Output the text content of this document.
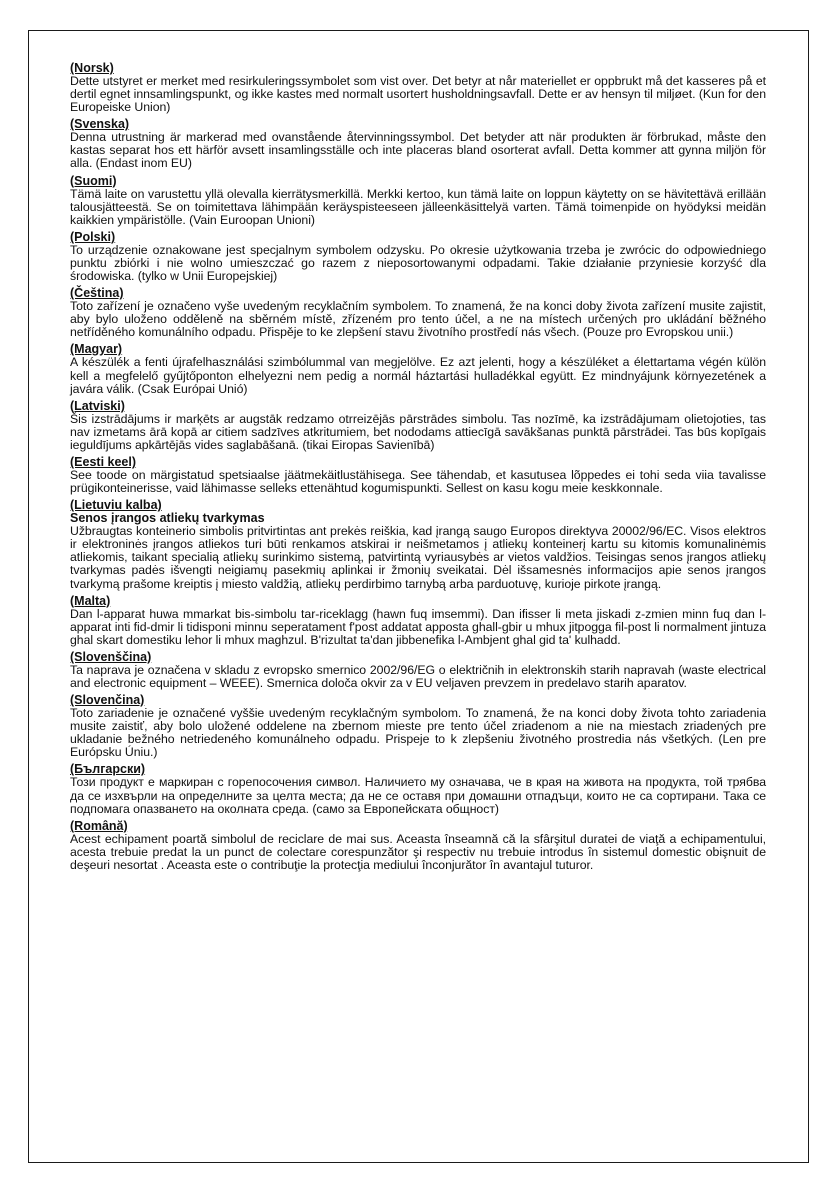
(Norsk)

Dette utstyret er merket med resirkuleringssymbolet som vist over. Det betyr at når materiellet er oppbrukt må det kasseres på et dertil egnet innsamlingspunkt, og ikke kastes med normalt usortert husholdningsavfall. Dette er av hensyn til miljøet. (Kun for den Europeiske Union)

(Svenska)

Denna utrustning är markerad med ovanstående återvinningssymbol. Det betyder att när produkten är förbrukad, måste den kastas separat hos ett härför avsett insamlingsställe och inte placeras bland osorterat avfall. Detta kommer att gynna miljön för alla. (Endast inom EU)

(Suomi)

Tämä laite on varustettu yllä olevalla kierrätysmerkillä. Merkki kertoo, kun tämä laite on loppun käytetty on se hävitettävä erillään talousjätteestä. Se on toimitettava lähimpään keräyspisteeseen jälleenkäsittelyä varten. Tämä toimenpide on hyödyksi meidän kaikkien ympäristölle. (Vain Euroopan Unioni)

(Polski)

To urządzenie oznakowane jest specjalnym symbolem odzysku. Po okresie użytkowania trzeba je zwrócic do odpowiedniego punktu zbiórki i nie wolno umieszczać go razem z nieposortowanymi odpadami. Takie działanie przyniesie korzyść dla środowiska. (tylko w Unii Europejskiej)

(Čeština)

Toto zařízení je označeno vyše uvedeným recyklačním symbolem. To znamená, že na konci doby života zařízení musite zajistit, aby bylo uloženo odděleně na sběrném místě, zřízeném pro tento účel, a ne na místech určených pro ukládání běžného netříděného komunálního odpadu. Přispěje to ke zlepšení stavu životního prostředí nás všech. (Pouze pro Evropskou unii.)

(Magyar)

A készülék a fenti újrafelhasználási szimbólummal van megjelölve. Ez azt jelenti, hogy a készüléket a élettartama végén külön kell a megfelelő gyűjtőponton elhelyezni nem pedig a normál háztartási hulladékkal együtt. Ez mindnyájunk környezetének a javára válik. (Csak Európai Unió)

(Latviski)

Šis izstrādājums ir marķēts ar augstāk redzamo otrreizējās pārstrādes simbolu. Tas nozīmē, ka izstrādājumam olietojoties, tas nav izmetams ārā kopā ar citiem sadzīves atkritumiem, bet nododams attiecīgā savākšanas punktā pārstrādei. Tas būs kopīgais ieguldījums apkārtējās vides saglabāšanā. (tikai Eiropas Savienībā)

(Eesti keel)

See toode on märgistatud spetsiaalse jäätmekäitlustähisega. See tähendab, et kasutusea lõppedes ei tohi seda viia tavalisse prügikonteinerisse, vaid lähimasse selleks ettenähtud kogumispunkti. Sellest on kasu kogu meie keskkonnale.

(Lietuviu kalba)

Senos įrangos atliekų tvarkymas

Užbraugtas konteinerio simbolis pritvirtintas ant prekės reiškia, kad įrangą saugo Europos direktyva 20002/96/EC. Visos elektros ir elektroninės įrangos atliekos turi būti renkamos atskirai ir neišmetamos į atliekų konteinerį kartu su kitomis komunalinėmis atliekomis, taikant specialią atliekų surinkimo sistemą, patvirtintą vyriausybės ar vietos valdžios. Teisingas senos įrangos atliekų tvarkymas padės išvengti neigiamų pasekmių aplinkai ir žmonių sveikatai. Dėl išsamesnės informacijos apie senos įrangos tvarkymą prašome kreiptis į miesto valdžią, atliekų perdirbimo tarnybą arba parduotuvę, kurioje pirkote įrangą.

(Malta)

Dan l-apparat huwa mmarkat bis-simbolu tar-riceklagg (hawn fuq imsemmi). Dan ifisser li meta jiskadi z-zmien minn fuq dan l-apparat inti fid-dmir li tidisponi minnu seperatament f'post addatat apposta ghall-gbir u mhux jitpogga fil-post li normalment jintuza ghal skart domestiku lehor li mhux maghzul. B'rizultat ta'dan jibbenefika l-Ambjent ghal gid ta' kulhadd.

(Slovenščina)

Ta naprava je označena v skladu z evropsko smernico 2002/96/EG o električnih in elektronskih starih napravah (waste electrical and electronic equipment – WEEE). Smernica določa okvir za v EU veljaven prevzem in predelavo starih aparatov.

(Slovenčina)

Toto zariadenie je označené vyššie uvedeným recyklačným symbolom. To znamená, že na konci doby života tohto zariadenia musite zaistiť, aby bolo uložené oddelene na zbernom mieste pre tento účel zriadenom a nie na miestach zriadených pre ukladanie bežného netriedeného komunálneho odpadu. Prispeje to k zlepšeniu životného prostredia nás všetkých. (Len pre Európsku Úniu.)

(Български)

Този продукт е маркиран с горепосочения символ. Наличието му означава, че в края на живота на продукта, той трябва да се изхвърли на определните за целта места; да не се оставя при домашни отпадъци, които не са сортирани. Така се подпомага опазването на околната среда. (само за Европейската общност)

(Română)

Acest echipament poartă simbolul de reciclare de mai sus. Aceasta înseamnă că la sfârşitul duratei de viaţă a echipamentului, acesta trebuie predat la un punct de colectare corespunzător şi respectiv nu trebuie introdus în sistemul domestic obişnuit de deşeuri nesortat . Aceasta este o contribuţie la protecţia mediului înconjurător în avantajul tuturor.
